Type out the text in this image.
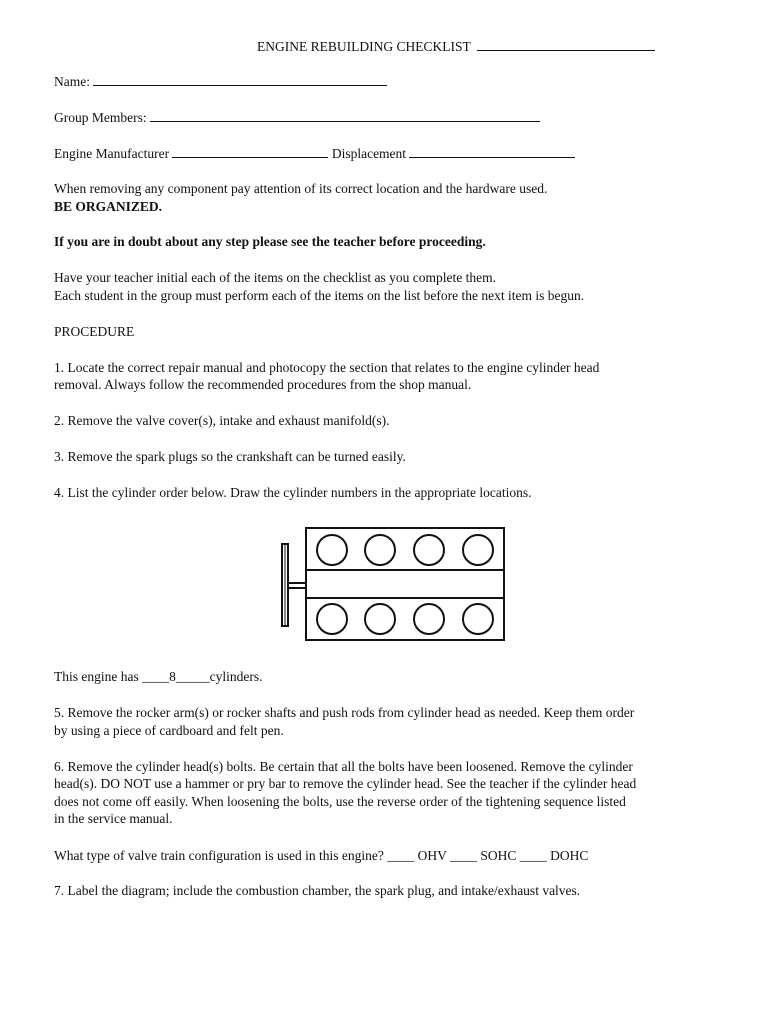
ENGINE REBUILDING CHECKLIST
Name:
Group Members:
Engine Manufacturer	Displacement
When removing any component pay attention of its correct location and the hardware used.
BE ORGANIZED.
If you are in doubt about any step please see the teacher before proceeding.
Have your teacher initial each of the items on the checklist as you complete them.
Each student in the group must perform each of the items on the list before the next item is begun.
PROCEDURE
1. Locate the correct repair manual and photocopy the section that relates to the engine cylinder head
removal. Always follow the recommended procedures from the shop manual.
2. Remove the valve cover(s), intake and exhaust manifold(s).
3. Remove the spark plugs so the crankshaft can be turned easily.
4. List the cylinder order below. Draw the cylinder numbers in the appropriate locations.
This engine has ____8_____cylinders.
5. Remove the rocker arm(s) or rocker shafts and push rods from cylinder head as needed. Keep them order
by using a piece of cardboard and felt pen.
6. Remove the cylinder head(s) bolts. Be certain that all the bolts have been loosened. Remove the cylinder
head(s). DO NOT use a hammer or pry bar to remove the cylinder head. See the teacher if the cylinder head
does not come off easily. When loosening the bolts, use the reverse order of the tightening sequence listed
in the service manual.
What type of valve train configuration is used in this engine? ____ OHV ____ SOHC ____ DOHC
7. Label the diagram; include the combustion chamber, the spark plug, and intake/exhaust valves.
